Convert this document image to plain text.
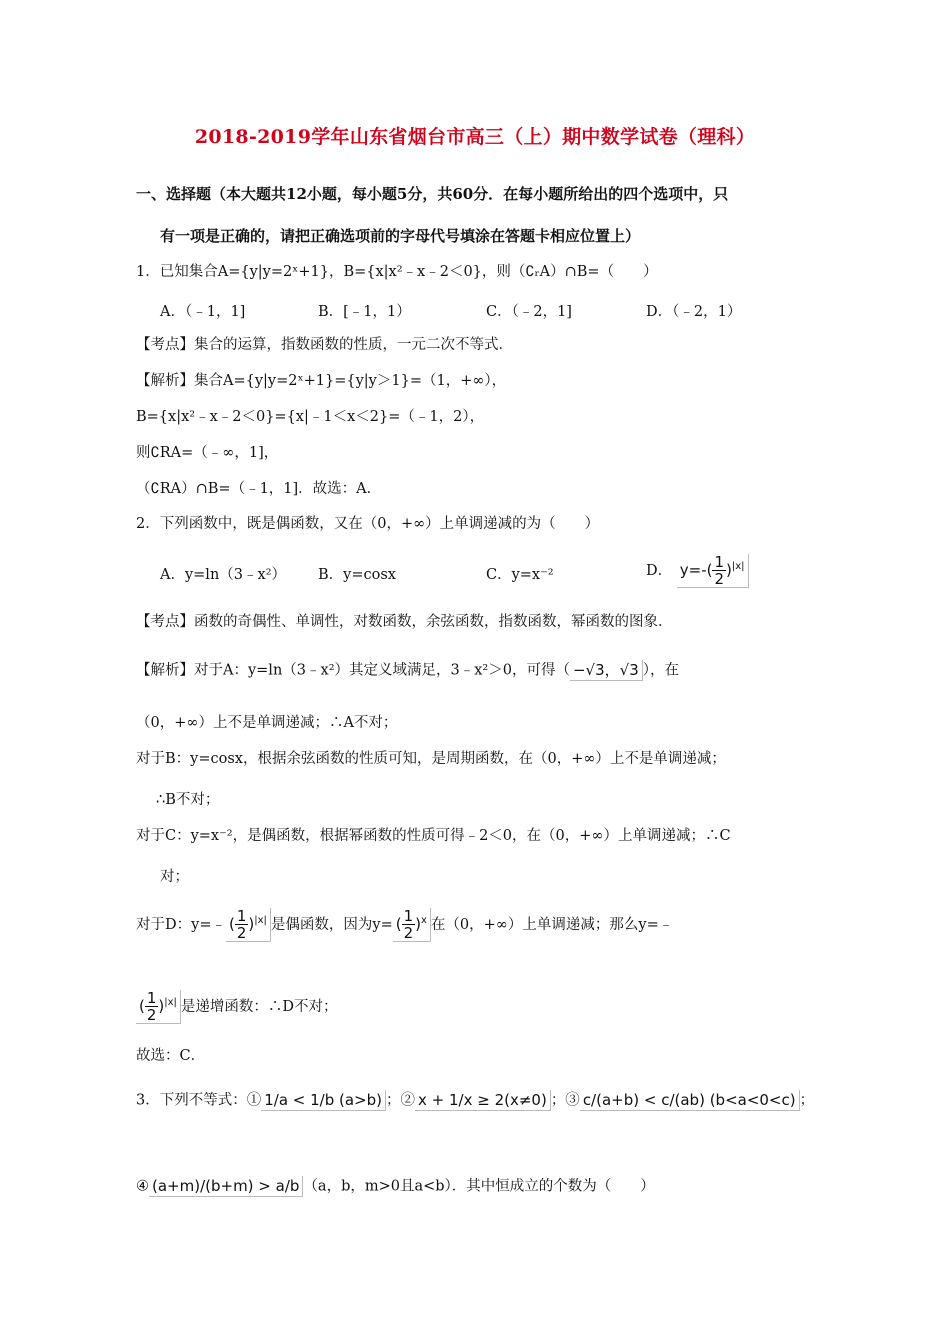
2018-2019学年山东省烟台市高三（上）期中数学试卷（理科）
一、选择题（本大题共12小题，每小题5分，共60分．在每小题所给出的四个选项中，只
有一项是正确的，请把正确选项前的字母代号填涂在答题卡相应位置上）
1．已知集合A={y|y=2ˣ+1}，B={x|x²﹣x﹣2＜0}，则（∁ᵣA）∩B=（　　）
A．（﹣1，1]	B．[﹣1，1）	C．（﹣2，1]	D．（﹣2，1）
【考点】集合的运算，指数函数的性质，一元二次不等式．
【解析】集合A={y|y=2ˣ+1}={y|y＞1}=（1，+∞），
B={x|x²﹣x﹣2＜0}={x|﹣1＜x＜2}=（﹣1，2），
则∁RA=（﹣∞，1]，
（∁RA）∩B=（﹣1，1]．故选：A．
2．下列函数中，既是偶函数，又在（0，+∞）上单调递减的为（　　）
A．y=ln（3﹣x²） B．y=cosx	C．y=x⁻²	D． $y=-( \frac{1}{2} )^{|x|}$
【考点】函数的奇偶性、单调性，对数函数，余弦函数，指数函数，幂函数的图象．
【解析】对于A：y=ln（3﹣x²）其定义域满足，3﹣x²＞0，可得（ −√3，√3 ），在
（0，+∞）上不是单调递减；∴A不对；
对于B：y=cosx，根据余弦函数的性质可知，是周期函数，在（0，+∞）上不是单调递减；
∴B不对；
对于C：y=x⁻²，是偶函数，根据幂函数的性质可得﹣2＜0，在（0，+∞）上单调递减；∴C
对；
对于D：y=﹣ ( $\frac{1}{2} )^{|x|}$ 是偶函数，因为y= ( $\frac{1}{2} )^x$ 在（0，+∞）上单调递减；那么y=﹣
( $\frac{1}{2} )^{|x|}$ 是递增函数：∴D不对；
故选：C．
3．下列不等式：① 1/a < 1/b (a>b) ；② x + 1/x ≥ 2(x≠0) ；③ c/(a+b) < c/(ab) (b<a<0<c) ；
④ (a+m)/(b+m) > a/b （a，b，m>0且a<b）．其中恒成立的个数为（　　）
